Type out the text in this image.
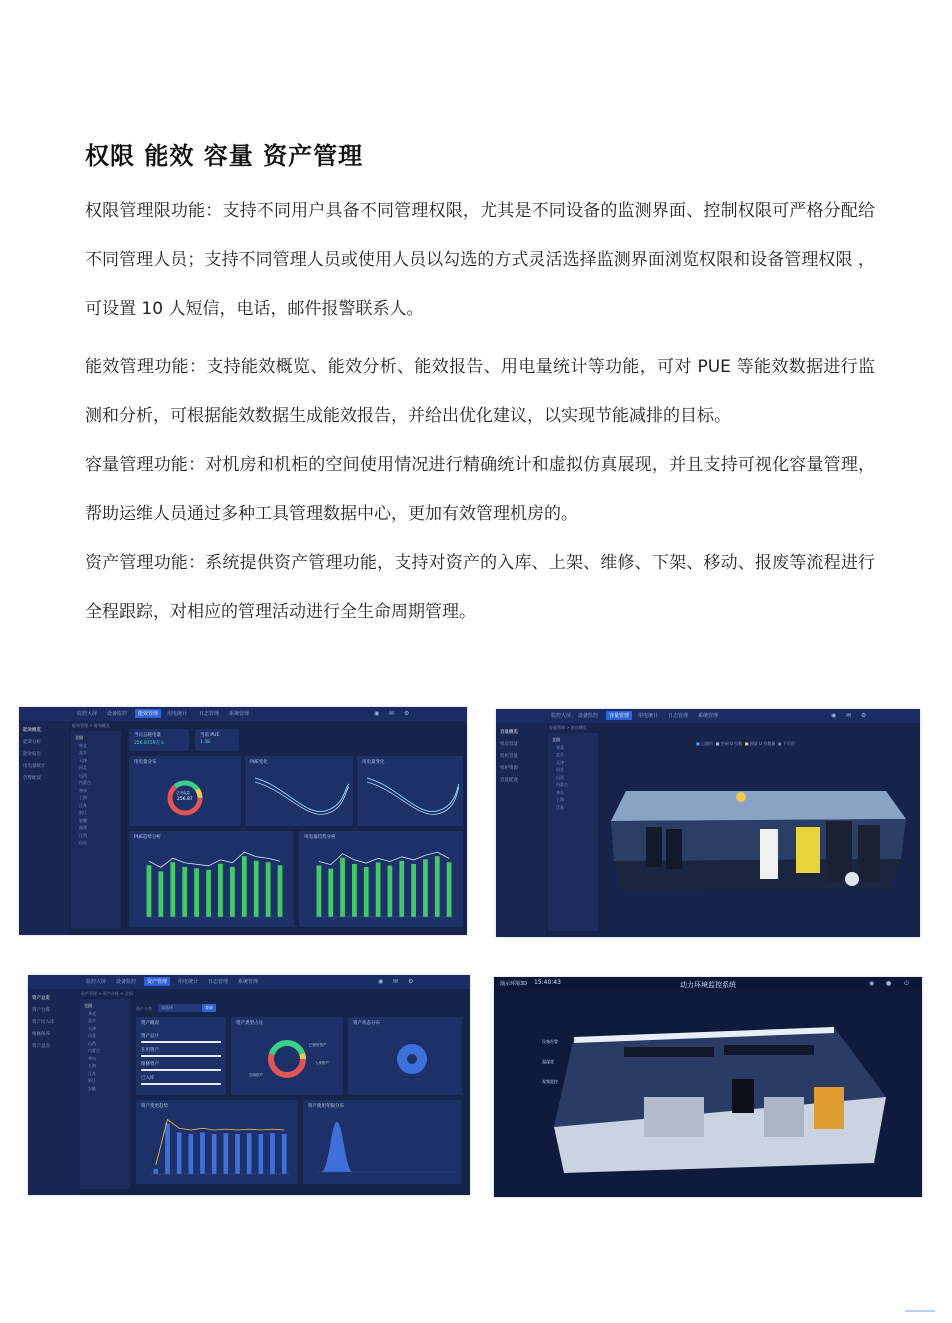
权限 能效 容量 资产管理
权限管理限功能：支持不同用户具备不同管理权限，尤其是不同设备的监测界面、控制权限可严格分配给不同管理人员；支持不同管理人员或使用人员以勾选的方式灵活选择监测界面浏览权限和设备管理权限 ，可设置 10 人短信，电话，邮件报警联系人。
能效管理功能：支持能效概览、能效分析、能效报告、用电量统计等功能，可对 PUE 等能效数据进行监测和分析，可根据能效数据生成能效报告，并给出优化建议，以实现节能减排的目标。
容量管理功能：对机房和机柜的空间使用情况进行精确统计和虚拟仿真展现，并且支持可视化容量管理，帮助运维人员通过多种工具管理数据中心，更加有效管理机房的。
资产管理功能：系统提供资产管理功能，支持对资产的入库、上架、维修、下架、移动、报废等流程进行全程跟踪，对相应的管理活动进行全生命周期管理。
监控大屏 设备监控	能效管理	用电统计 日志管理 系统管理	◉ ✉ ⚙
能效概览
能效分析
能效报告
用电量统计
告警配置
能效管理 > 能效概览
全国
华北
北京
天津
河北
山西
内蒙古
华东
上海
江苏
浙江
安徽
福建
江西
山东
当日总耗电量
256.8759万 k
当前 PUE
1.38
用电量分布
总用电量
256.87
PUE变化	用电量变化
PUE趋势分析	用电量趋势分析
监控大屏 设备监控	容量管理	用电统计 日志管理 系统管理	◉ ✉ ⚙
容量概览
机房容量
机柜容量
机柜资源
容量配置
容量管理 > 机房概览
全国
华北
北京
天津
河北
山西
内蒙古
华东
上海
江苏
■ 已使用 ■ 空闲 U 位数 ■ 预留 U 位数量 ■ 不可用
监控大屏 设备监控	资产管理	用电统计 日志管理 系统管理	◉ ✉ ⚙
资产总览
资产台账
资产出入库
维修保养
资产盘点
资产管理 > 资产台账 > 全国
全国
华北
北京
天津
河北
山西
内蒙古
华东
上海
江苏
浙江
安徽
资产分类	请选择	查询
资产概况
资产总计
在用资产
维修资产
已入库
资产类型占比
已使用资产
入库资产
空闲资产
资产状态分布
资产变更趋势	资产使用年限分布
演示环境3D 15:40:43	动力环境监控系统	◉ ● ⏻
设备告警
温湿度
视频监控
